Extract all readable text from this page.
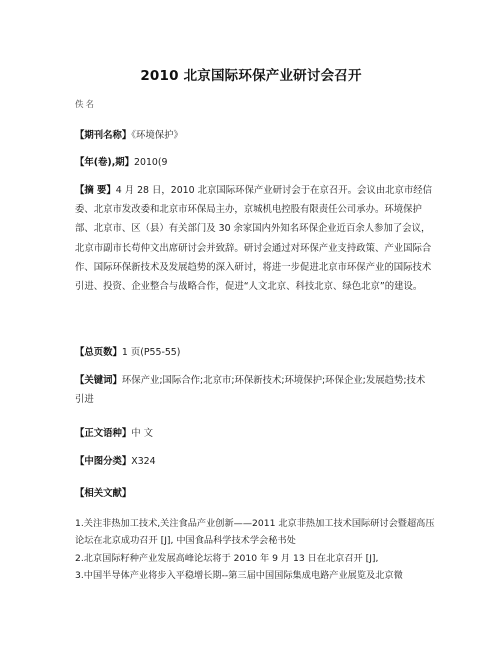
2010 北京国际环保产业研讨会召开
佚名
【期刊名称】《环境保护》
【年(卷),期】2010(9
【摘 要】4 月 28 日，2010 北京国际环保产业研讨会于在京召开。会议由北京市经信委、北京市发改委和北京市环保局主办，京城机电控股有限责任公司承办。环境保护部、北京市、区（县）有关部门及 30 余家国内外知名环保企业近百余人参加了会议，北京市副市长苟仲文出席研讨会并致辞。研讨会通过对环保产业支持政策、产业国际合作、国际环保新技术及发展趋势的深入研讨，将进一步促进北京市环保产业的国际技术引进、投资、企业整合与战略合作，促进“人文北京、科技北京、绿色北京”的建设。
【总页数】1 页(P55-55)
【关键词】环保产业;国际合作;北京市;环保新技术;环境保护;环保企业;发展趋势;技术引进
【正文语种】中 文
【中图分类】X324
【相关文献】
1.关注非热加工技术,关注食品产业创新——2011 北京非热加工技术国际研讨会暨超高压论坛在北京成功召开 [J], 中国食品科学技术学会秘书处
2.北京国际籽种产业发展高峰论坛将于 2010 年 9 月 13 日在北京召开 [J],
3.中国半导体产业将步入平稳增长期--第三届中国国际集成电路产业展览及北京微
